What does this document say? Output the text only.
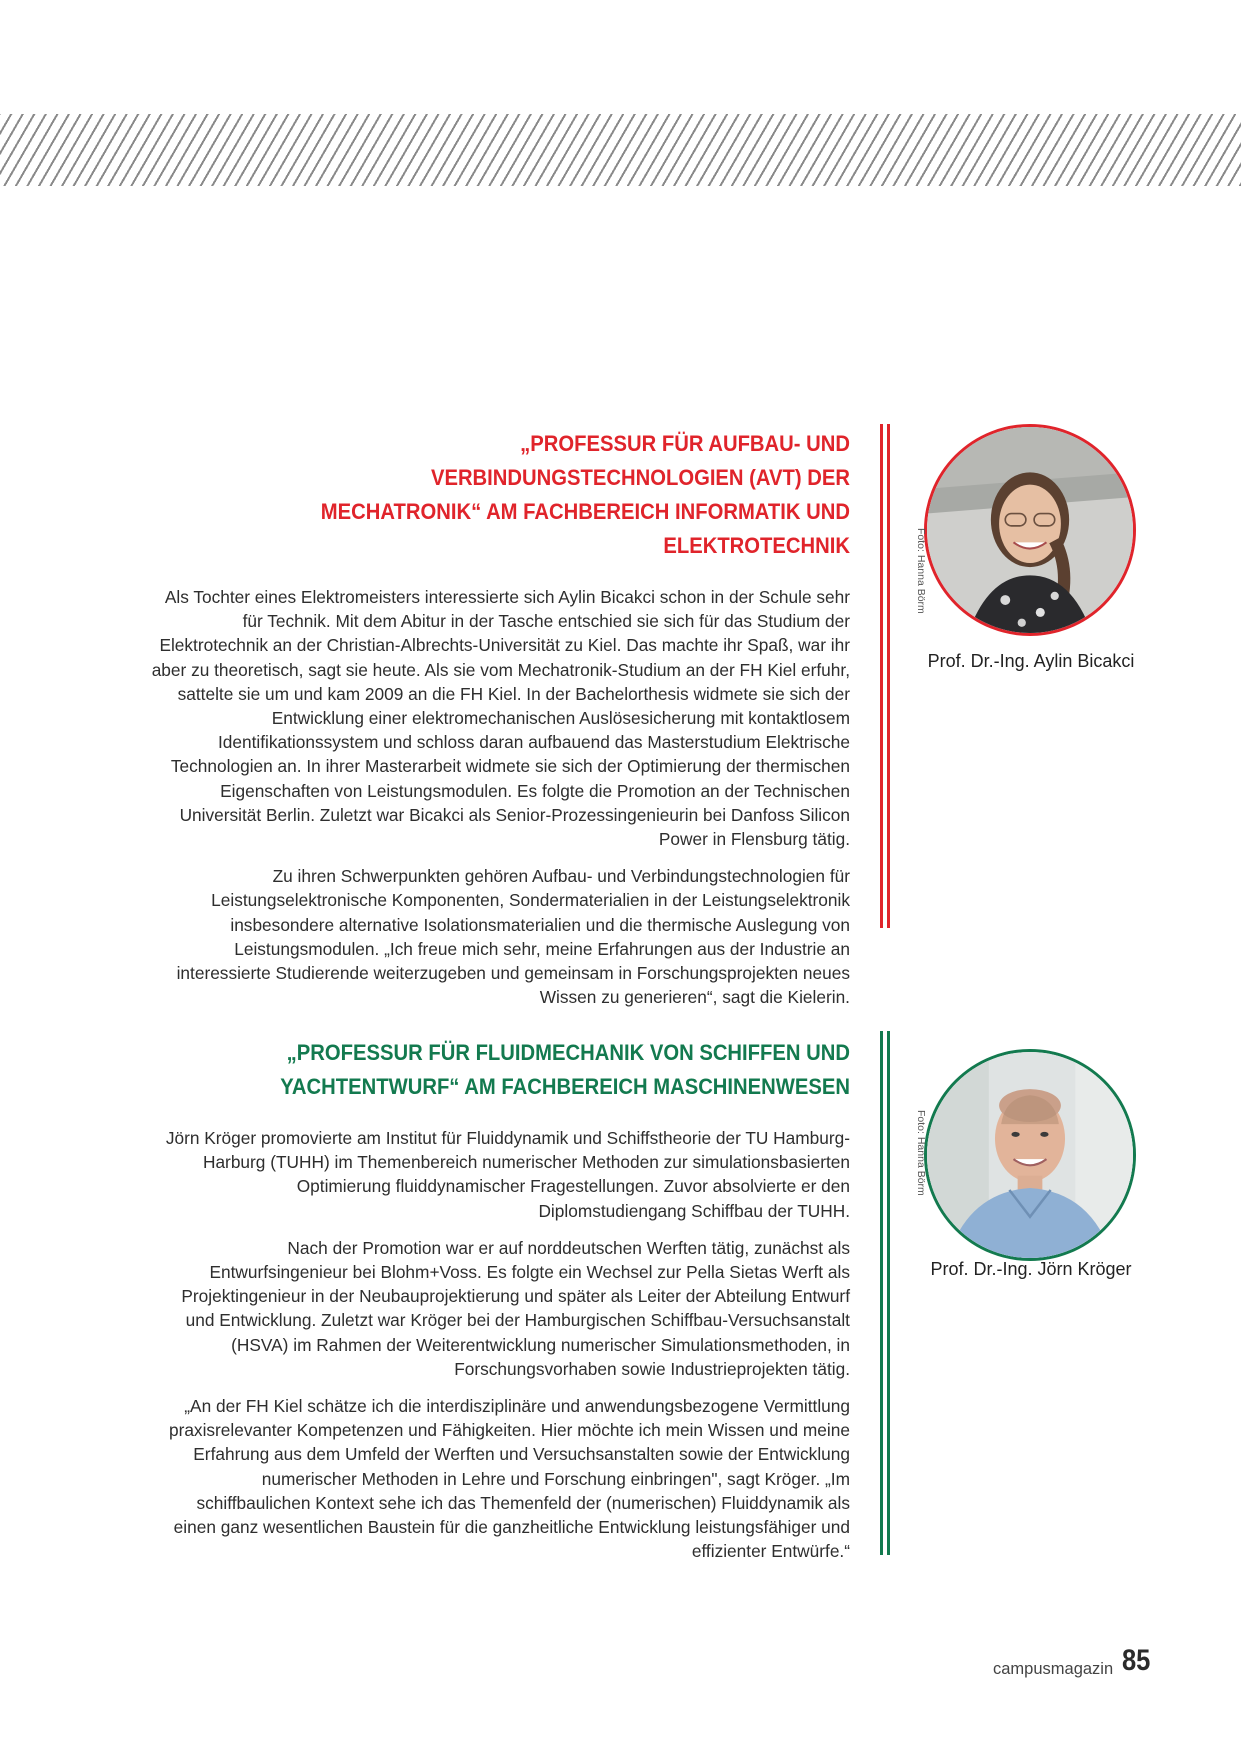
„PROFESSUR FÜR AUFBAU- UND VERBINDUNGSTECHNOLOGIEN (AVT) DER
MECHATRONIK“ AM FACHBEREICH INFORMATIK UND ELEKTROTECHNIK

Als Tochter eines Elektromeisters interessierte sich Aylin Bicakci schon in der Schule sehr für Technik. Mit dem Abitur in der Tasche entschied sie sich für das Studium der Elektrotechnik an der Christian-Albrechts-Universität zu Kiel. Das machte ihr Spaß, war ihr aber zu theoretisch, sagt sie heute. Als sie vom Mechatronik-Studium an der FH Kiel erfuhr, sattelte sie um und kam 2009 an die FH Kiel. In der Bachelorthesis widmete sie sich der Entwicklung einer elektromechanischen Auslösesicherung mit kontaktlosem Identifikationssystem und schloss daran aufbauend das Masterstudium Elektrische Technologien an. In ihrer Masterarbeit widmete sie sich der Optimierung der thermischen Eigenschaften von Leistungsmodulen. Es folgte die Promotion an der Technischen Universität Berlin. Zuletzt war Bicakci als Senior-Prozessingenieurin bei Danfoss Silicon Power in Flensburg tätig.

Zu ihren Schwerpunkten gehören Aufbau- und Verbindungstechnologien für Leistungselektronische Komponenten, Sondermaterialien in der Leistungselektronik insbesondere alternative Isolationsmaterialien und die thermische Auslegung von Leistungsmodulen. „Ich freue mich sehr, meine Erfahrungen aus der Industrie an interessierte Studierende weiterzugeben und gemeinsam in Forschungsprojekten neues Wissen zu generieren“, sagt die Kielerin.

Foto: Hanna Börm
Prof. Dr.-Ing. Aylin Bicakci
„PROFESSUR FÜR FLUIDMECHANIK VON SCHIFFEN UND
YACHTENTWURF“ AM FACHBEREICH MASCHINENWESEN

Jörn Kröger promovierte am Institut für Fluiddynamik und Schiffstheorie der TU Hamburg-Harburg (TUHH) im Themenbereich numerischer Methoden zur simulationsbasierten Optimierung fluiddynamischer Fragestellungen. Zuvor absolvierte er den Diplomstudiengang Schiffbau der TUHH.

Nach der Promotion war er auf norddeutschen Werften tätig, zunächst als Entwurfsingenieur bei Blohm+Voss. Es folgte ein Wechsel zur Pella Sietas Werft als Projektingenieur in der Neubauprojektierung und später als Leiter der Abteilung Entwurf und Entwicklung. Zuletzt war Kröger bei der Hamburgischen Schiffbau-Versuchsanstalt (HSVA) im Rahmen der Weiterentwicklung numerischer Simulationsmethoden, in Forschungsvorhaben sowie Industrieprojekten tätig.

„An der FH Kiel schätze ich die interdisziplinäre und anwendungsbezogene Vermittlung praxisrelevanter Kompetenzen und Fähigkeiten. Hier möchte ich mein Wissen und meine Erfahrung aus dem Umfeld der Werften und Versuchsanstalten sowie der Entwicklung numerischer Methoden in Lehre und Forschung einbringen", sagt Kröger. „Im schiffbaulichen Kontext sehe ich das Themenfeld der (numerischen) Fluiddynamik als einen ganz wesentlichen Baustein für die ganzheitliche Entwicklung leistungsfähiger und effizienter Entwürfe.“

Foto: Hanna Börm
Prof. Dr.-Ing. Jörn Kröger
campusmagazin 85
